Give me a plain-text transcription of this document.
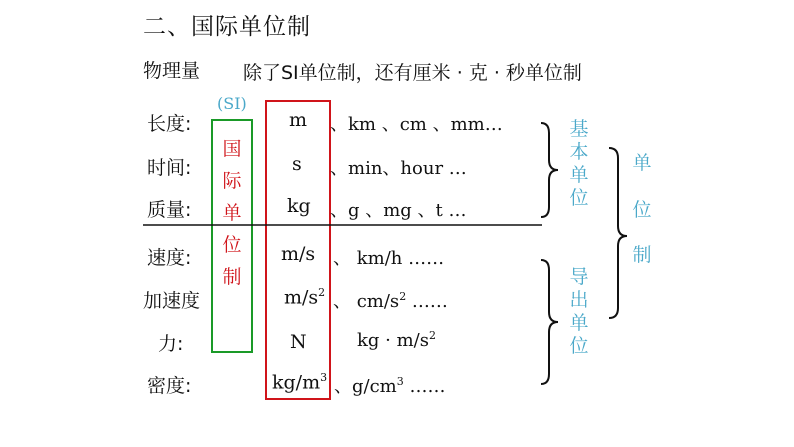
二、国际单位制
物理量 除了SI单位制，还有厘米 · 克 · 秒单位制
(SI)
国
际
单
位
制
长度:	m 、km 、cm 、mm…
时间:	s 、min、hour …
质量:	kg 、g 、mg 、t …
速度:	m/s 、 km/h ……
加速度	$m/s^2$ 、 $cm/s^2$ ……
力:	N	kg · $m/s^2$
密度:	$kg/m^3$ 、$g/cm^3$ ……
基
本
单
位
导
出
单
位
单
位
制
